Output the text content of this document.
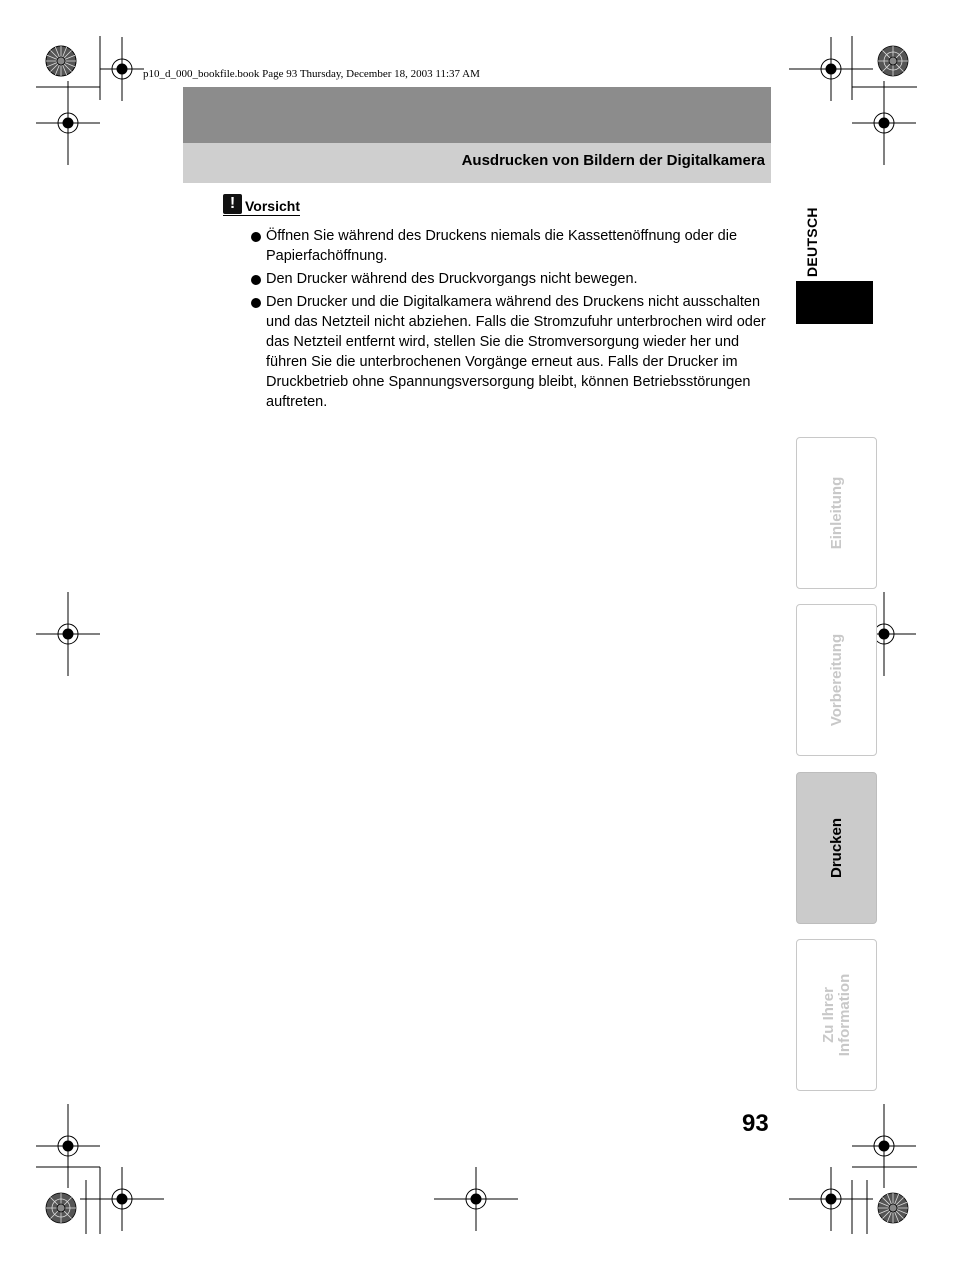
p10_d_000_bookfile.book Page 93 Thursday, December 18, 2003 11:37 AM
Ausdrucken von Bildern der Digitalkamera
! Vorsicht
Öffnen Sie während des Druckens niemals die Kassettenöffnung oder die Papierfachöffnung.
Den Drucker während des Druckvorgangs nicht bewegen.
Den Drucker und die Digitalkamera während des Druckens nicht ausschalten und das Netzteil nicht abziehen. Falls die Stromzufuhr unterbrochen wird oder das Netzteil entfernt wird, stellen Sie die Stromversorgung wieder her und führen Sie die unterbrochenen Vorgänge erneut aus. Falls der Drucker im Druckbetrieb ohne Spannungsversorgung bleibt, können Betriebsstörungen auftreten.
DEUTSCH
Einleitung
Vorbereitung
Drucken
Zu Ihrer
Information
93
